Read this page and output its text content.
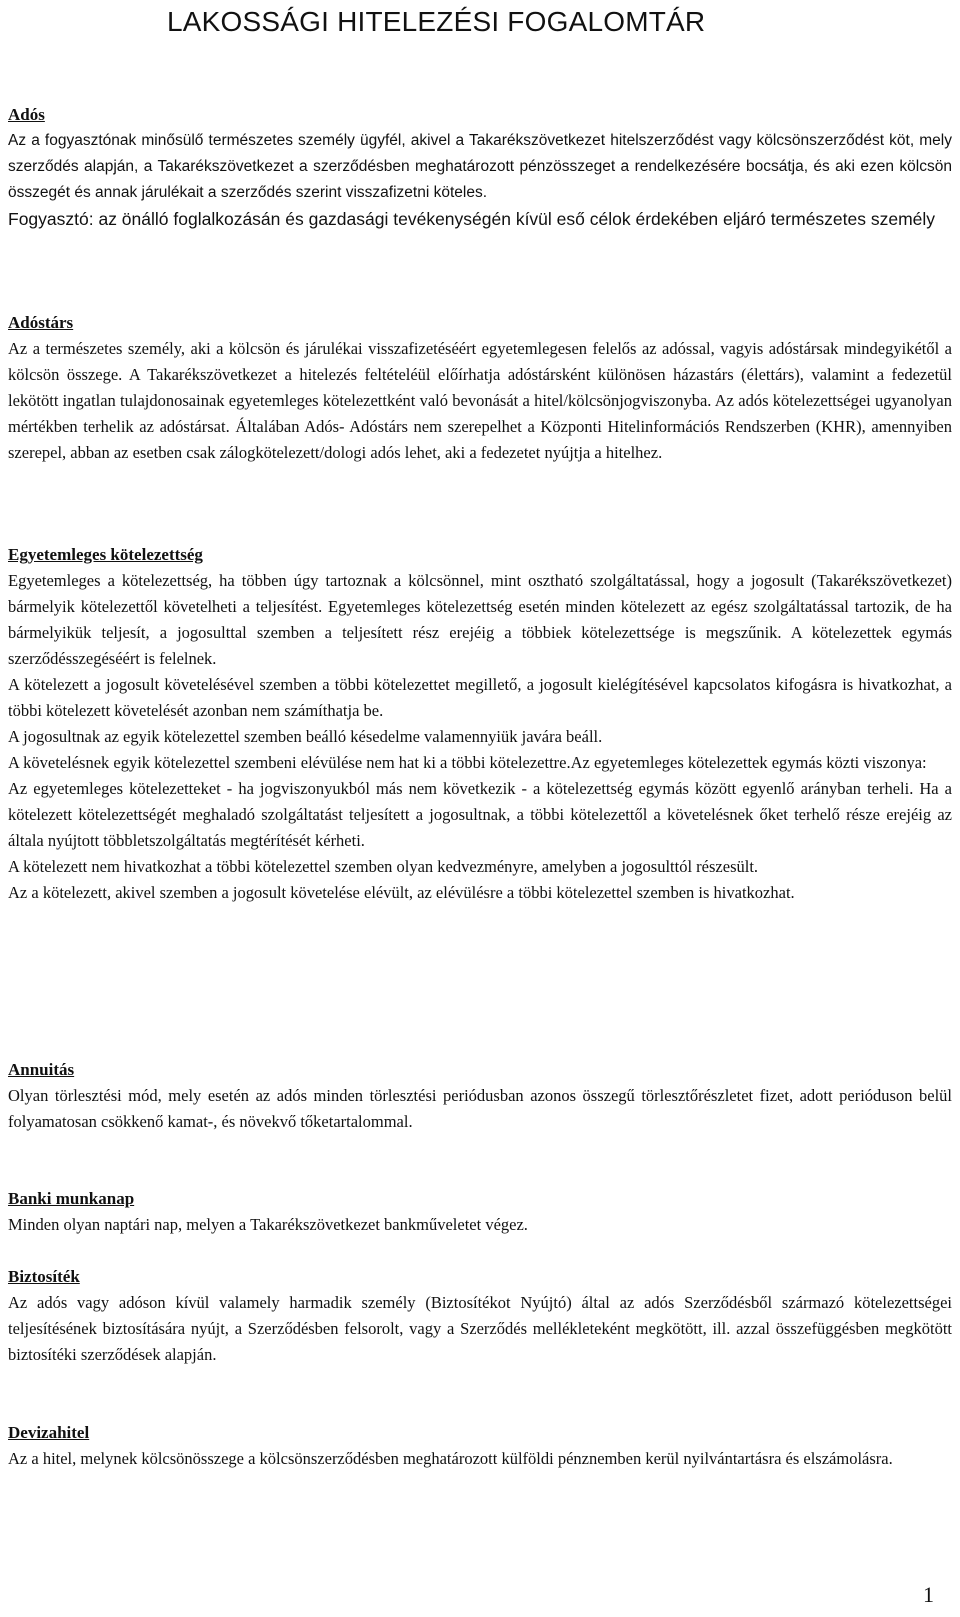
LAKOSSÁGI HITELEZÉSI FOGALOMTÁR

Adós

Az a fogyasztónak minősülő természetes személy ügyfél, akivel a Takarékszövetkezet hitelszerződést vagy kölcsönszerződést köt, mely szerződés alapján, a Takarékszövetkezet a szerződésben meghatározott pénzösszeget a rendelkezésére bocsátja, és aki ezen kölcsön összegét és annak járulékait a szerződés szerint visszafizetni köteles.

Fogyasztó: az önálló foglalkozásán és gazdasági tevékenységén kívül eső célok érdekében eljáró természetes személy

Adóstárs

Az a természetes személy, aki a kölcsön és járulékai visszafizetéséért egyetemlegesen felelős az adóssal, vagyis adóstársak mindegyikétől a kölcsön összege. A Takarékszövetkezet a hitelezés feltételéül előírhatja adóstársként különösen házastárs (élettárs), valamint a fedezetül lekötött ingatlan tulajdonosainak egyetemleges kötelezettként való bevonását a hitel/kölcsönjogviszonyba. Az adós kötelezettségei ugyanolyan mértékben terhelik az adóstársat. Általában Adós- Adóstárs nem szerepelhet a Központi Hitelinformációs Rendszerben (KHR), amennyiben szerepel, abban az esetben csak zálogkötelezett/dologi adós lehet, aki a fedezetet nyújtja a hitelhez.

Egyetemleges kötelezettség

Egyetemleges a kötelezettség, ha többen úgy tartoznak a kölcsönnel, mint osztható szolgáltatással, hogy a jogosult (Takarékszövetkezet) bármelyik kötelezettől követelheti a teljesítést. Egyetemleges kötelezettség esetén minden kötelezett az egész szolgáltatással tartozik, de ha bármelyikük teljesít, a jogosulttal szemben a teljesített rész erejéig a többiek kötelezettsége is megszűnik. A kötelezettek egymás szerződésszegéséért is felelnek.

A kötelezett a jogosult követelésével szemben a többi kötelezettet megillető, a jogosult kielégítésével kapcsolatos kifogásra is hivatkozhat, a többi kötelezett követelését azonban nem számíthatja be.

A jogosultnak az egyik kötelezettel szemben beálló késedelme valamennyiük javára beáll.

A követelésnek egyik kötelezettel szembeni elévülése nem hat ki a többi kötelezettre.Az egyetemleges kötelezettek egymás közti viszonya:

Az egyetemleges kötelezetteket - ha jogviszonyukból más nem következik - a kötelezettség egymás között egyenlő arányban terheli. Ha a kötelezett kötelezettségét meghaladó szolgáltatást teljesített a jogosultnak, a többi kötelezettől a követelésnek őket terhelő része erejéig az általa nyújtott többletszolgáltatás megtérítését kérheti.

A kötelezett nem hivatkozhat a többi kötelezettel szemben olyan kedvezményre, amelyben a jogosulttól részesült.

Az a kötelezett, akivel szemben a jogosult követelése elévült, az elévülésre a többi kötelezettel szemben is hivatkozhat.

Annuitás

Olyan törlesztési mód, mely esetén az adós minden törlesztési periódusban azonos összegű törlesztőrészletet fizet, adott perióduson belül folyamatosan csökkenő kamat-, és növekvő tőketartalommal.

Banki munkanap

Minden olyan naptári nap, melyen a Takarékszövetkezet bankműveletet végez.

Biztosíték

Az adós vagy adóson kívül valamely harmadik személy (Biztosítékot Nyújtó) által az adós Szerződésből származó kötelezettségei teljesítésének biztosítására nyújt, a Szerződésben felsorolt, vagy a Szerződés mellékleteként megkötött, ill. azzal összefüggésben megkötött biztosítéki szerződések alapján.

Devizahitel

Az a hitel, melynek kölcsönösszege a kölcsönszerződésben meghatározott külföldi pénznemben kerül nyilvántartásra és elszámolásra.

1
